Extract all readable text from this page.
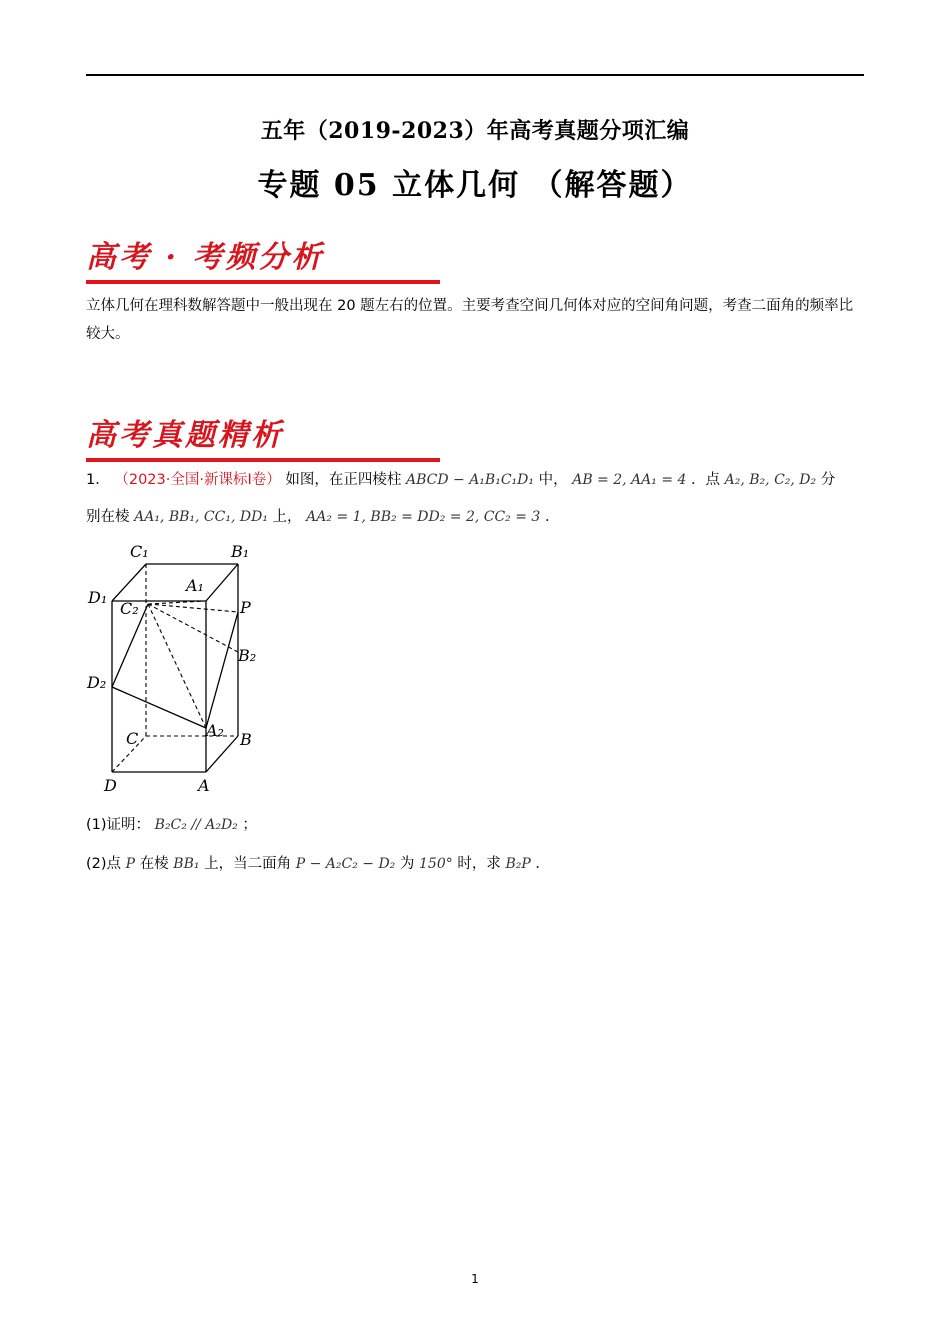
五年（2019-2023）年高考真题分项汇编
专题 05 立体几何 （解答题）
高考 · 考频分析
立体几何在理科数解答题中一般出现在 20 题左右的位置。主要考查空间几何体对应的空间角问题，考查二面角的频率比较大。
高考真题精析
1． （2023·全国·新课标Ⅰ卷） 如图，在正四棱柱 ABCD − A₁B₁C₁D₁ 中， AB = 2, AA₁ = 4 ．点 A₂, B₂, C₂, D₂ 分
别在棱 AA₁, BB₁, CC₁, DD₁ 上， AA₂ = 1, BB₂ = DD₂ = 2, CC₂ = 3 ．
C₁	B₁
A₁
D₁
C₂	P
B₂
D₂
A₂
C	B
D	A
(1)证明： B₂C₂ // A₂D₂ ；
(2)点 P 在棱 BB₁ 上，当二面角 P − A₂C₂ − D₂ 为 150° 时，求 B₂P ．
1
